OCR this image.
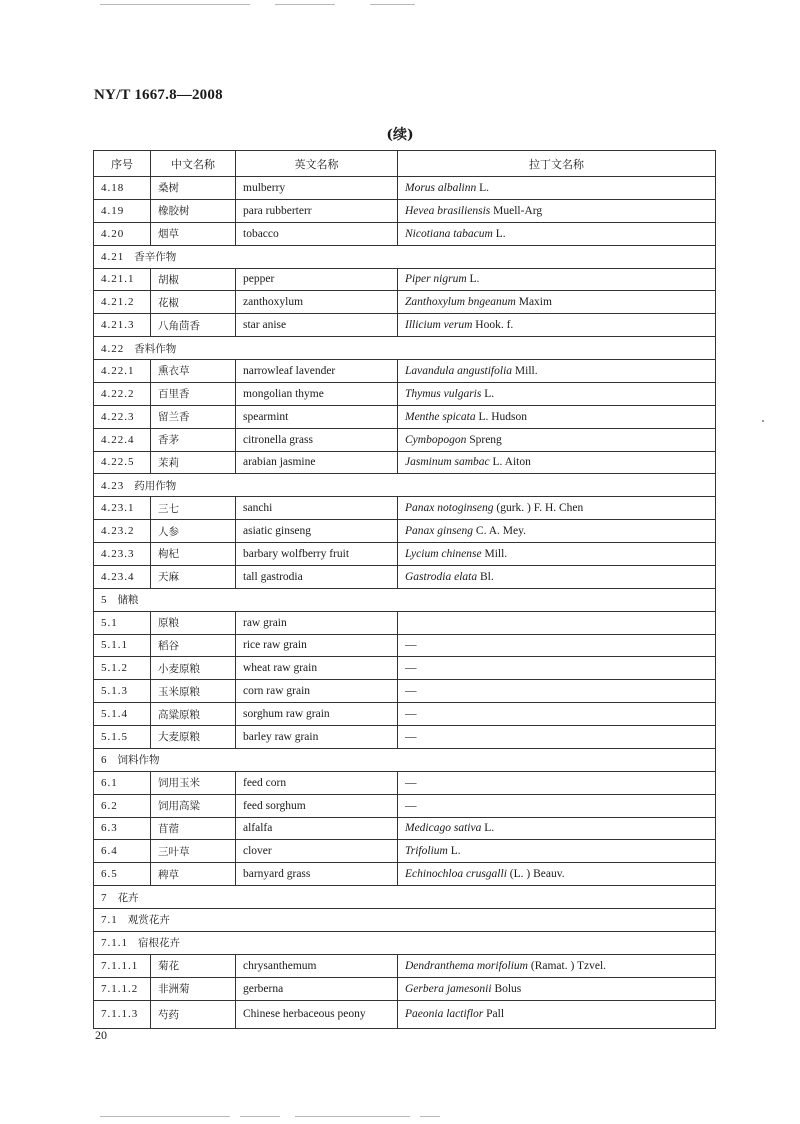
NY/T 1667.8—2008
(续)
序号	中文名称	英文名称	拉丁文名称
4.18	桑树	mulberry	Morus albalinn L.
4.19	橡胶树	para rubberterr	Hevea brasiliensis Muell-Arg
4.20	烟草	tobacco	Nicotiana tabacum L.
4.21 香辛作物			
4.21.1	胡椒	pepper	Piper nigrum L.
4.21.2	花椒	zanthoxylum	Zanthoxylum bngeanum Maxim
4.21.3	八角茴香	star anise	Illicium verum Hook. f.
4.22 香料作物			
4.22.1	熏衣草	narrowleaf lavender	Lavandula angustifolia Mill.
4.22.2	百里香	mongolian thyme	Thymus vulgaris L.
4.22.3	留兰香	spearmint	Menthe spicata L. Hudson
4.22.4	香茅	citronella grass	Cymbopogon Spreng
4.22.5	茉莉	arabian jasmine	Jasminum sambac L. Aiton
4.23 药用作物			
4.23.1	三七	sanchi	Panax notoginseng (gurk. ) F. H. Chen
4.23.2	人参	asiatic ginseng	Panax ginseng C. A. Mey.
4.23.3	枸杞	barbary wolfberry fruit	Lycium chinense Mill.
4.23.4	天麻	tall gastrodia	Gastrodia elata Bl.
5 储粮			
5.1	原粮	raw grain	
5.1.1	稻谷	rice raw grain	—
5.1.2	小麦原粮	wheat raw grain	—
5.1.3	玉米原粮	corn raw grain	—
5.1.4	高粱原粮	sorghum raw grain	—
5.1.5	大麦原粮	barley raw grain	—
6 饲料作物			
6.1	饲用玉米	feed corn	—
6.2	饲用高粱	feed sorghum	—
6.3	苜蓿	alfalfa	Medicago sativa L.
6.4	三叶草	clover	Trifolium L.
6.5	稗草	barnyard grass	Echinochloa crusgalli (L. ) Beauv.
7 花卉			
7.1 观赏花卉			
7.1.1 宿根花卉			
7.1.1.1	菊花	chrysanthemum	Dendranthema morifolium (Ramat. ) Tzvel.
7.1.1.2	非洲菊	gerberna	Gerbera jamesonii Bolus
7.1.1.3	芍药	Chinese herbaceous peony	Paeonia lactiflor Pall
20
